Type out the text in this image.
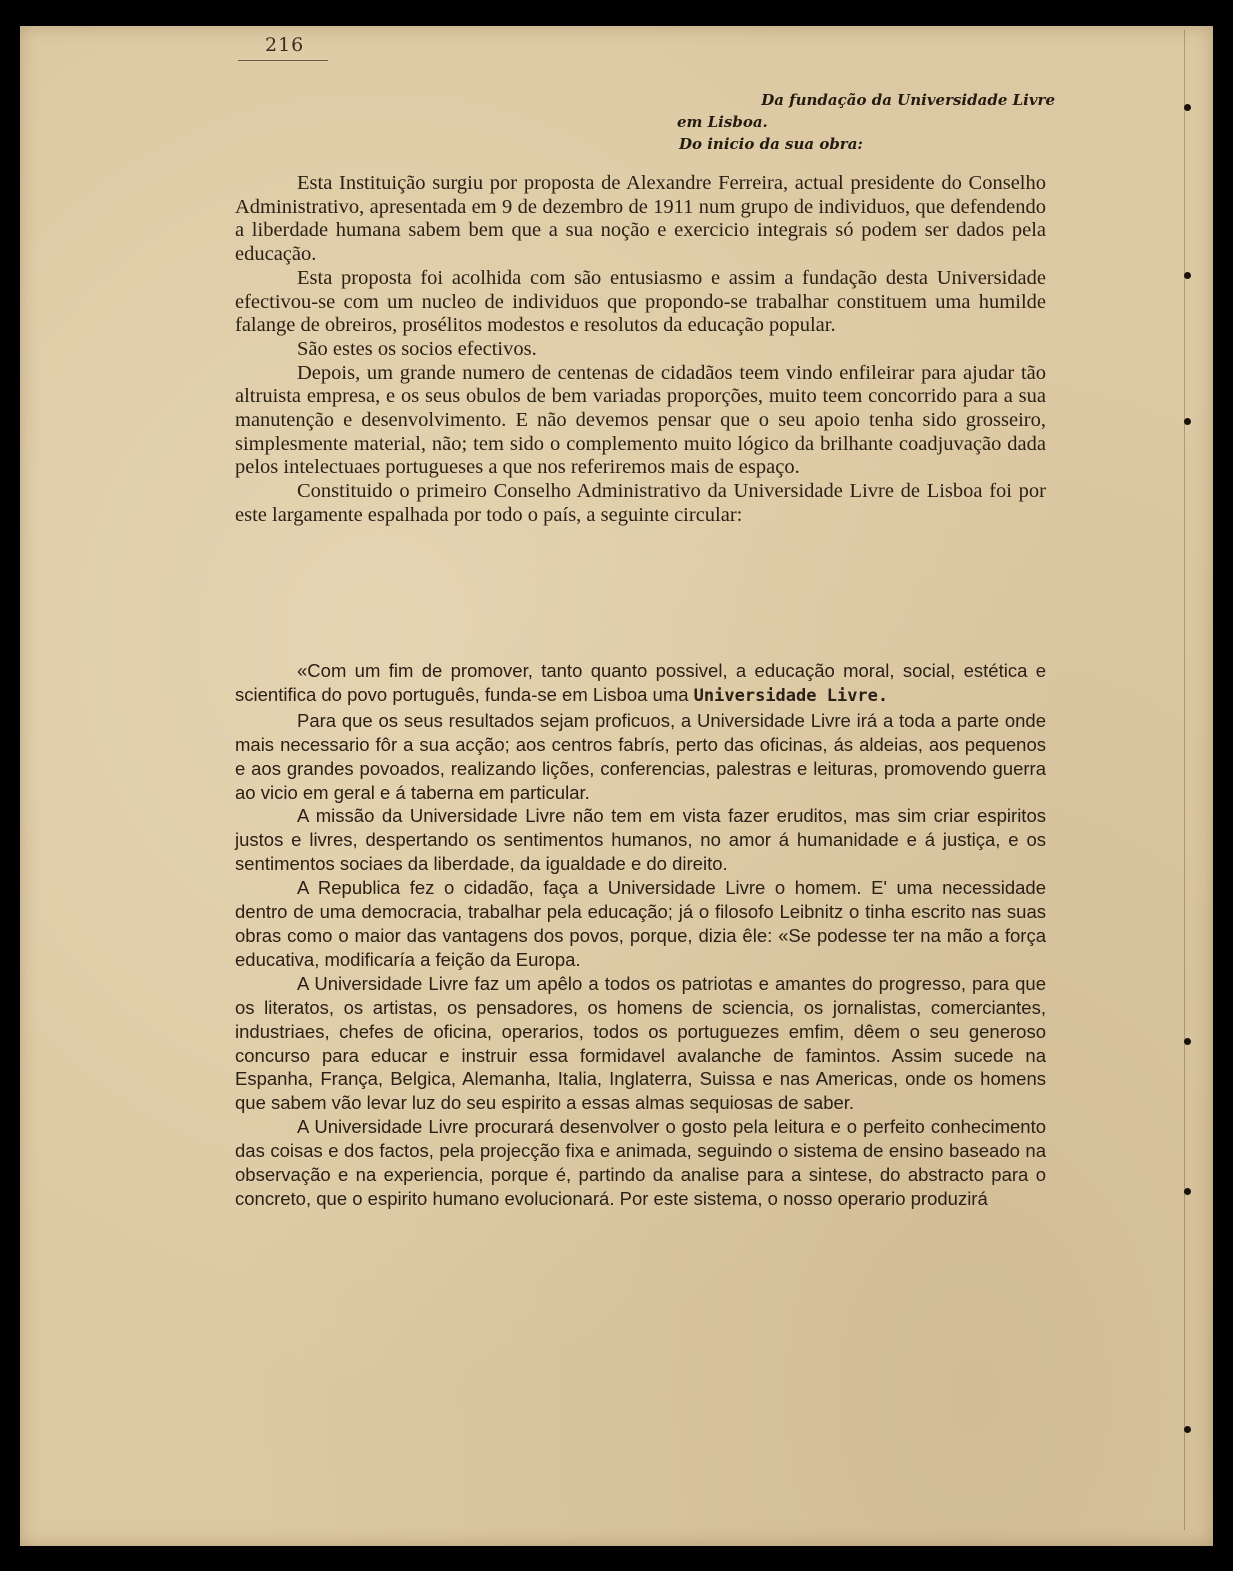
216
Da fundação da Universidade Livre
em Lisboa.
Do inicio da sua obra:

Esta Instituição surgiu por proposta de Alexandre Ferreira, actual presidente do Conselho Administrativo, apresentada em 9 de dezembro de 1911 num grupo de individuos, que defendendo a liberdade humana sabem bem que a sua noção e exercicio integrais só podem ser dados pela educação.

Esta proposta foi acolhida com são entusiasmo e assim a fundação desta Universidade efectivou-se com um nucleo de individuos que propondo-se trabalhar constituem uma humilde falange de obreiros, prosélitos modestos e resolutos da educação popular.

São estes os socios efectivos.

Depois, um grande numero de centenas de cidadãos teem vindo enfileirar para ajudar tão altruista empresa, e os seus obulos de bem variadas proporções, muito teem concorrido para a sua manutenção e desenvolvimento. E não devemos pensar que o seu apoio tenha sido grosseiro, simplesmente material, não; tem sido o complemento muito lógico da brilhante coadjuvação dada pelos intelectuaes portugueses a que nos referiremos mais de espaço.

Constituido o primeiro Conselho Administrativo da Universidade Livre de Lisboa foi por este largamente espalhada por todo o país, a seguinte circular:

«Com um fim de promover, tanto quanto possivel, a educação moral, social, estética e scientifica do povo português, funda-se em Lisboa uma Universidade Livre.

Para que os seus resultados sejam proficuos, a Universidade Livre irá a toda a parte onde mais necessario fôr a sua acção; aos centros fabrís, perto das oficinas, ás aldeias, aos pequenos e aos grandes povoados, realizando lições, conferencias, palestras e leituras, promovendo guerra ao vicio em geral e á taberna em particular.

A missão da Universidade Livre não tem em vista fazer eruditos, mas sim criar espiritos justos e livres, despertando os sentimentos humanos, no amor á humanidade e á justiça, e os sentimentos sociaes da liberdade, da igualdade e do direito.

A Republica fez o cidadão, faça a Universidade Livre o homem. E' uma necessidade dentro de uma democracia, trabalhar pela educação; já o filosofo Leibnitz o tinha escrito nas suas obras como o maior das vantagens dos povos, porque, dizia êle: «Se podesse ter na mão a força educativa, modificaría a feição da Europa.

A Universidade Livre faz um apêlo a todos os patriotas e amantes do progresso, para que os literatos, os artistas, os pensadores, os homens de sciencia, os jornalistas, comerciantes, industriaes, chefes de oficina, operarios, todos os portuguezes emfim, dêem o seu generoso concurso para educar e instruir essa formidavel avalanche de famintos. Assim sucede na Espanha, França, Belgica, Alemanha, Italia, Inglaterra, Suissa e nas Americas, onde os homens que sabem vão levar luz do seu espirito a essas almas sequiosas de saber.

A Universidade Livre procurará desenvolver o gosto pela leitura e o perfeito conhecimento das coisas e dos factos, pela projecção fixa e animada, seguindo o sistema de ensino baseado na observação e na experiencia, porque é, partindo da analise para a sintese, do abstracto para o concreto, que o espirito humano evolucionará. Por este sistema, o nosso operario produzirá
